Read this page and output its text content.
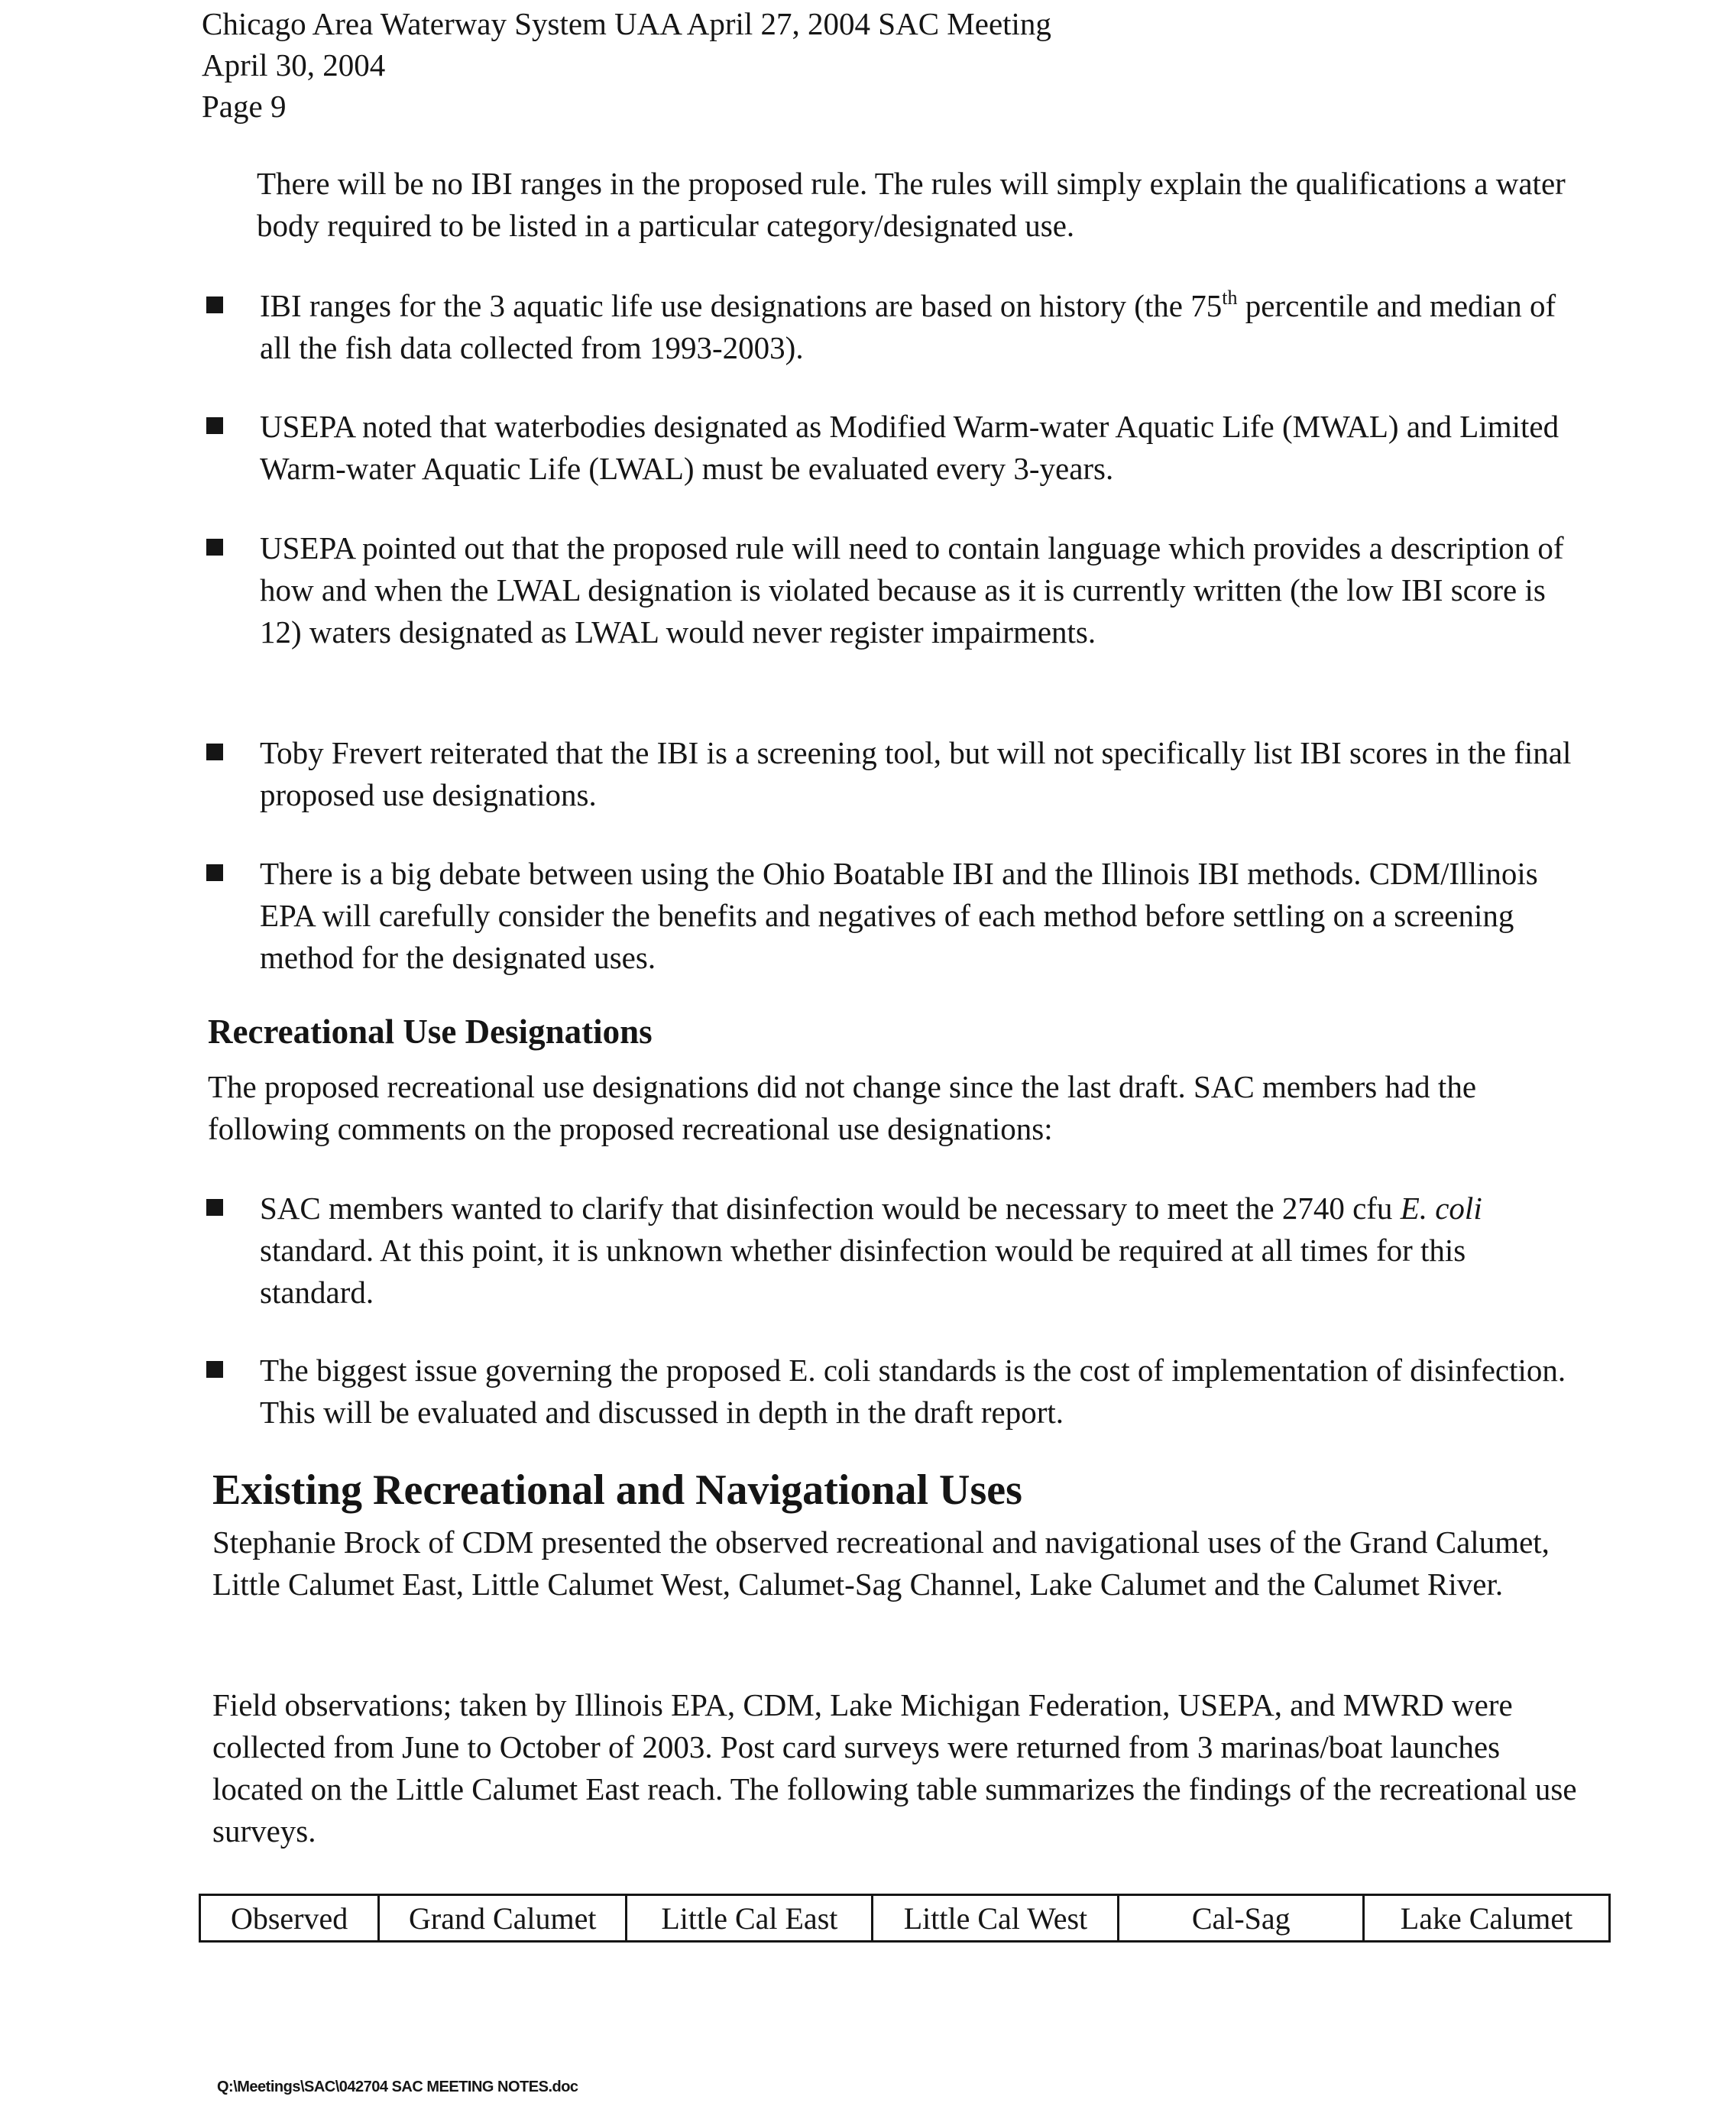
Chicago Area Waterway System UAA April 27, 2004 SAC Meeting
April 30, 2004
Page 9
There will be no IBI ranges in the proposed rule. The rules will simply explain the qualifications a water body required to be listed in a particular category/designated use.
IBI ranges for the 3 aquatic life use designations are based on history (the 75th percentile and median of all the fish data collected from 1993-2003).
USEPA noted that waterbodies designated as Modified Warm-water Aquatic Life (MWAL) and Limited Warm-water Aquatic Life (LWAL) must be evaluated every 3-years.
USEPA pointed out that the proposed rule will need to contain language which provides a description of how and when the LWAL designation is violated because as it is currently written (the low IBI score is 12) waters designated as LWAL would never register impairments.
Toby Frevert reiterated that the IBI is a screening tool, but will not specifically list IBI scores in the final proposed use designations.
There is a big debate between using the Ohio Boatable IBI and the Illinois IBI methods. CDM/Illinois EPA will carefully consider the benefits and negatives of each method before settling on a screening method for the designated uses.
Recreational Use Designations
The proposed recreational use designations did not change since the last draft. SAC members had the following comments on the proposed recreational use designations:
SAC members wanted to clarify that disinfection would be necessary to meet the 2740 cfu E. coli standard. At this point, it is unknown whether disinfection would be required at all times for this standard.
The biggest issue governing the proposed E. coli standards is the cost of implementation of disinfection. This will be evaluated and discussed in depth in the draft report.
Existing Recreational and Navigational Uses
Stephanie Brock of CDM presented the observed recreational and navigational uses of the Grand Calumet, Little Calumet East, Little Calumet West, Calumet-Sag Channel, Lake Calumet and the Calumet River.
Field observations; taken by Illinois EPA, CDM, Lake Michigan Federation, USEPA, and MWRD were collected from June to October of 2003. Post card surveys were returned from 3 marinas/boat launches located on the Little Calumet East reach. The following table summarizes the findings of the recreational use surveys.
Observed	Grand Calumet	Little Cal East	Little Cal West	Cal-Sag	Lake Calumet
Q:\Meetings\SAC\042704 SAC MEETING NOTES.doc
